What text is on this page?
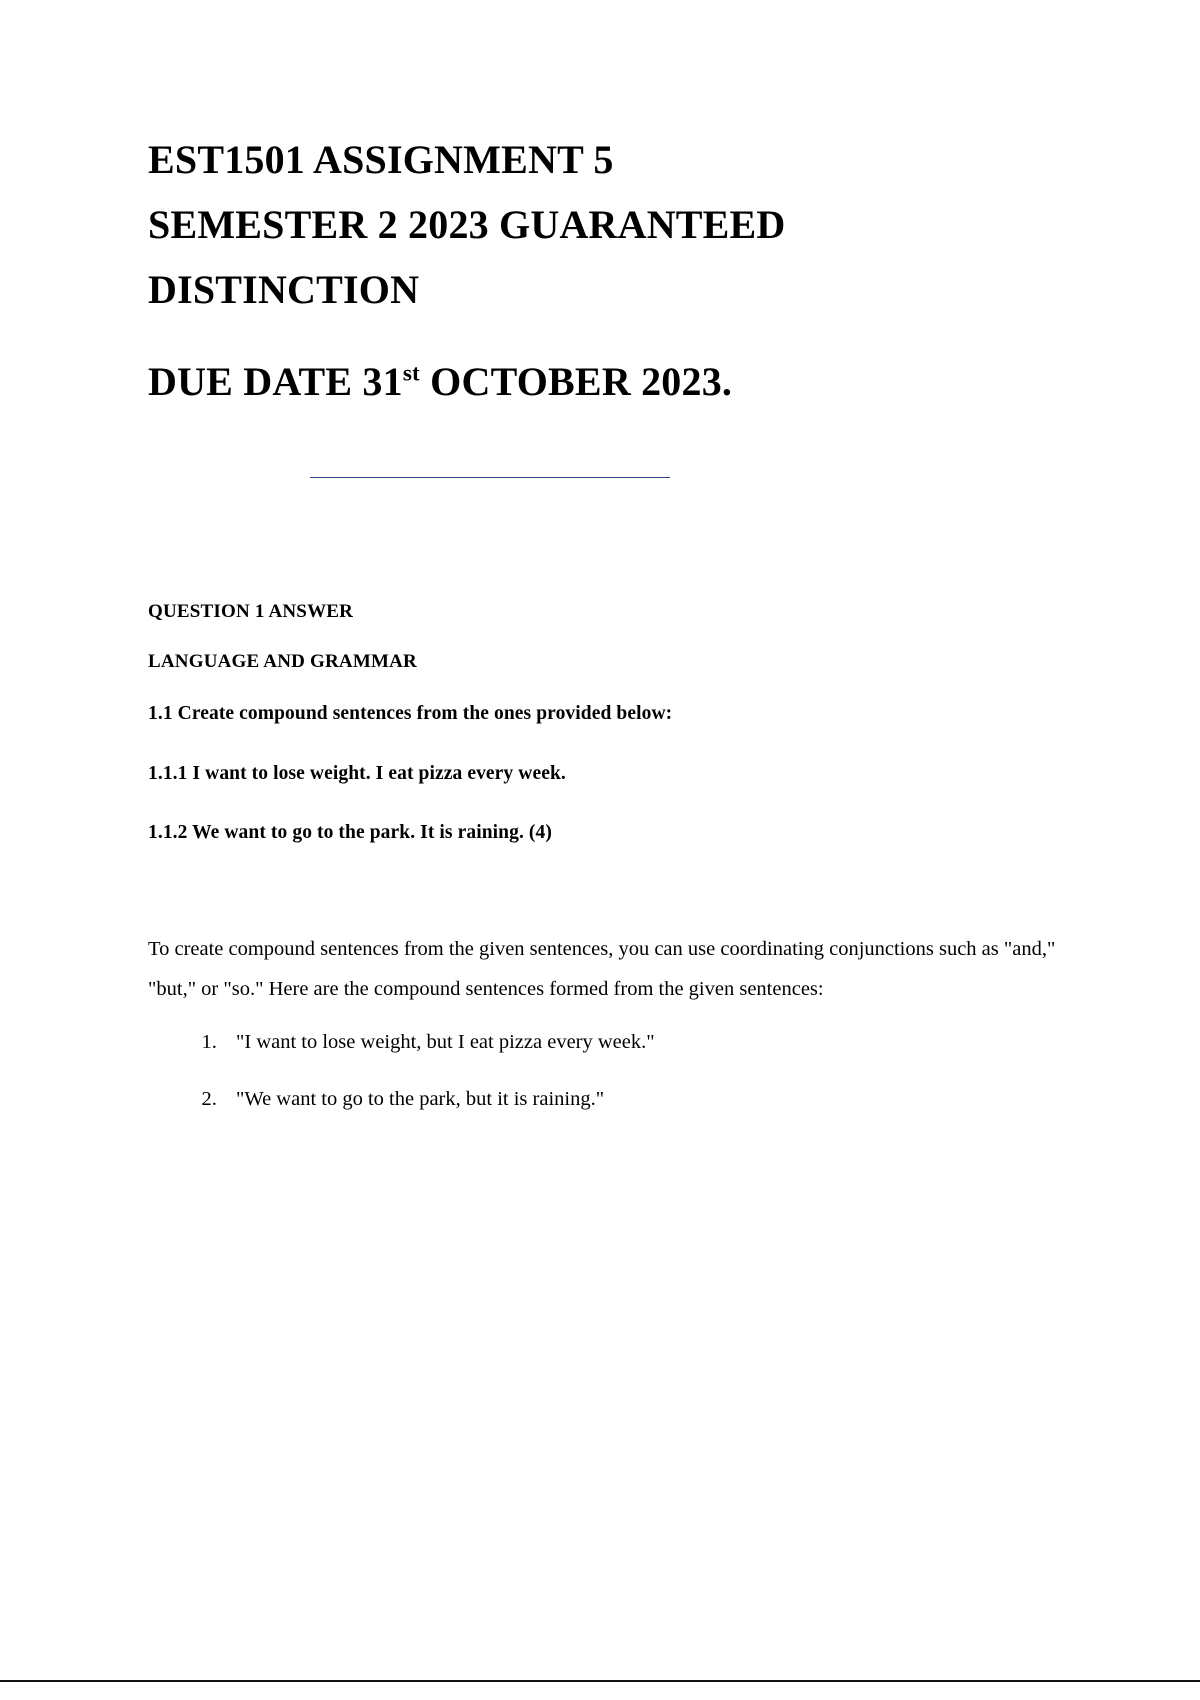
EST1501 ASSIGNMENT 5
SEMESTER 2 2023 GUARANTEED
DISTINCTION
DUE DATE 31st OCTOBER 2023.

QUESTION 1 ANSWER

LANGUAGE AND GRAMMAR

1.1 Create compound sentences from the ones provided below:

1.1.1 I want to lose weight. I eat pizza every week.

1.1.2 We want to go to the park. It is raining. (4)

To create compound sentences from the given sentences, you can use coordinating conjunctions such as "and," "but," or "so." Here are the compound sentences formed from the given sentences:

1. "I want to lose weight, but I eat pizza every week."
2. "We want to go to the park, but it is raining."
